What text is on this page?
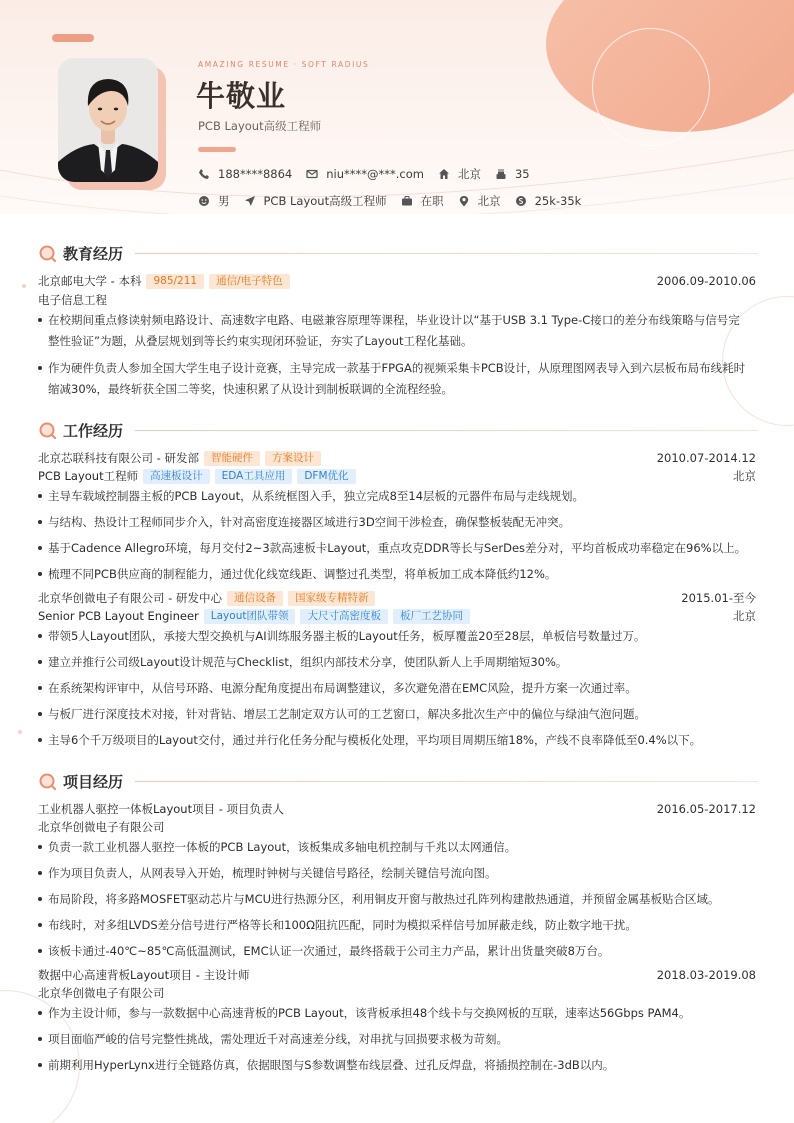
AMAZING RESUME · SOFT RADIUS
牛敬业
PCB Layout高级工程师
188****8864	niu****@***.com	北京	35
男	PCB Layout高级工程师	在职	北京	25k-35k
教育经历
北京邮电大学 - 本科	985/211	通信/电子特色	2006.09-2010.06
电子信息工程
在校期间重点修读射频电路设计、高速数字电路、电磁兼容原理等课程，毕业设计以“基于USB 3.1 Type-C接口的差分布线策略与信号完整性验证”为题，从叠层规划到等长约束实现闭环验证，夯实了Layout工程化基础。
作为硬件负责人参加全国大学生电子设计竞赛，主导完成一款基于FPGA的视频采集卡PCB设计，从原理图网表导入到六层板布局布线耗时缩减30%，最终斩获全国二等奖，快速积累了从设计到制板联调的全流程经验。
工作经历
北京芯联科技有限公司 - 研发部	智能硬件	方案设计	2010.07-2014.12
PCB Layout工程师	高速板设计	EDA工具应用	DFM优化	北京
主导车载域控制器主板的PCB Layout，从系统框图入手，独立完成8至14层板的元器件布局与走线规划。
与结构、热设计工程师同步介入，针对高密度连接器区域进行3D空间干涉检查，确保整板装配无冲突。
基于Cadence Allegro环境，每月交付2~3款高速板卡Layout，重点攻克DDR等长与SerDes差分对，平均首板成功率稳定在96%以上。
梳理不同PCB供应商的制程能力，通过优化线宽线距、调整过孔类型，将单板加工成本降低约12%。
北京华创微电子有限公司 - 研发中心	通信设备	国家级专精特新	2015.01-至今
Senior PCB Layout Engineer	Layout团队带领	大尺寸高密度板	板厂工艺协同	北京
带领5人Layout团队，承接大型交换机与AI训练服务器主板的Layout任务，板厚覆盖20至28层，单板信号数量过万。
建立并推行公司级Layout设计规范与Checklist，组织内部技术分享，使团队新人上手周期缩短30%。
在系统架构评审中，从信号环路、电源分配角度提出布局调整建议，多次避免潜在EMC风险，提升方案一次通过率。
与板厂进行深度技术对接，针对背钻、增层工艺制定双方认可的工艺窗口，解决多批次生产中的偏位与绿油气泡问题。
主导6个千万级项目的Layout交付，通过并行化任务分配与模板化处理，平均项目周期压缩18%，产线不良率降低至0.4%以下。
项目经历
工业机器人驱控一体板Layout项目 - 项目负责人	2016.05-2017.12
北京华创微电子有限公司
负责一款工业机器人驱控一体板的PCB Layout，该板集成多轴电机控制与千兆以太网通信。
作为项目负责人，从网表导入开始，梳理时钟树与关键信号路径，绘制关键信号流向图。
布局阶段，将多路MOSFET驱动芯片与MCU进行热源分区，利用铜皮开窗与散热过孔阵列构建散热通道，并预留金属基板贴合区域。
布线时，对多组LVDS差分信号进行严格等长和100Ω阻抗匹配，同时为模拟采样信号加屏蔽走线，防止数字地干扰。
该板卡通过-40℃~85℃高低温测试，EMC认证一次通过，最终搭载于公司主力产品，累计出货量突破8万台。
数据中心高速背板Layout项目 - 主设计师	2018.03-2019.08
北京华创微电子有限公司
作为主设计师，参与一款数据中心高速背板的PCB Layout，该背板承担48个线卡与交换网板的互联，速率达56Gbps PAM4。
项目面临严峻的信号完整性挑战，需处理近千对高速差分线，对串扰与回损要求极为苛刻。
前期利用HyperLynx进行全链路仿真，依据眼图与S参数调整布线层叠、过孔反焊盘，将插损控制在-3dB以内。
